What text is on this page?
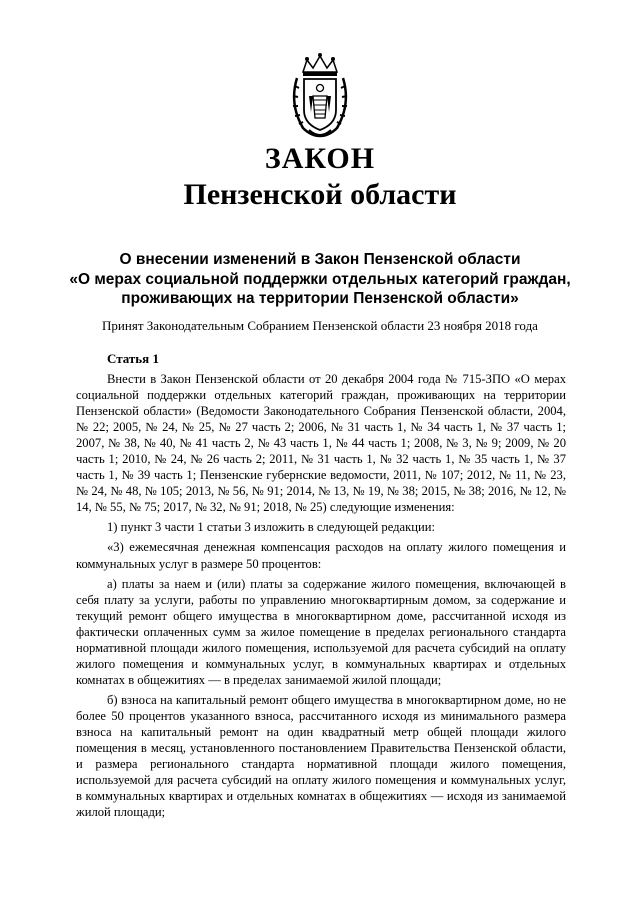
ЗАКОН
Пензенской области
О внесении изменений в Закон Пензенской области
«О мерах социальной поддержки отдельных категорий граждан,
проживающих на территории Пензенской области»
Принят Законодательным Собранием Пензенской области 23 ноября 2018 года
Статья 1

Внести в Закон Пензенской области от 20 декабря 2004 года № 715-ЗПО «О мерах социальной поддержки отдельных категорий граждан, проживающих на территории Пензенской области» (Ведомости Законодательного Собрания Пензенской области, 2004, № 22; 2005, № 24, № 25, № 27 часть 2; 2006, № 31 часть 1, № 34 часть 1, № 37 часть 1; 2007, № 38, № 40, № 41 часть 2, № 43 часть 1, № 44 часть 1; 2008, № 3, № 9; 2009, № 20 часть 1; 2010, № 24, № 26 часть 2; 2011, № 31 часть 1, № 32 часть 1, № 35 часть 1, № 37 часть 1, № 39 часть 1; Пензенские губернские ведомости, 2011, № 107; 2012, № 11, № 23, № 24, № 48, № 105; 2013, № 56, № 91; 2014, № 13, № 19, № 38; 2015, № 38; 2016, № 12, № 14, № 55, № 75; 2017, № 32, № 91; 2018, № 25) следующие изменения:

1) пункт 3 части 1 статьи 3 изложить в следующей редакции:

«3) ежемесячная денежная компенсация расходов на оплату жилого помещения и коммунальных услуг в размере 50 процентов:

а) платы за наем и (или) платы за содержание жилого помещения, включающей в себя плату за услуги, работы по управлению многоквартирным домом, за содержание и текущий ремонт общего имущества в многоквартирном доме, рассчитанной исходя из фактически оплаченных сумм за жилое помещение в пределах регионального стандарта нормативной площади жилого помещения, используемой для расчета субсидий на оплату жилого помещения и коммунальных услуг, в коммунальных квартирах и отдельных комнатах в общежитиях — в пределах занимаемой жилой площади;

б) взноса на капитальный ремонт общего имущества в многоквартирном доме, но не более 50 процентов указанного взноса, рассчитанного исходя из минимального размера взноса на капитальный ремонт на один квадратный метр общей площади жилого помещения в месяц, установленного постановлением Правительства Пензенской области, и размера регионального стандарта нормативной площади жилого помещения, используемой для расчета субсидий на оплату жилого помещения и коммунальных услуг, в коммунальных квартирах и отдельных комнатах в общежитиях — исходя из занимаемой жилой площади;
